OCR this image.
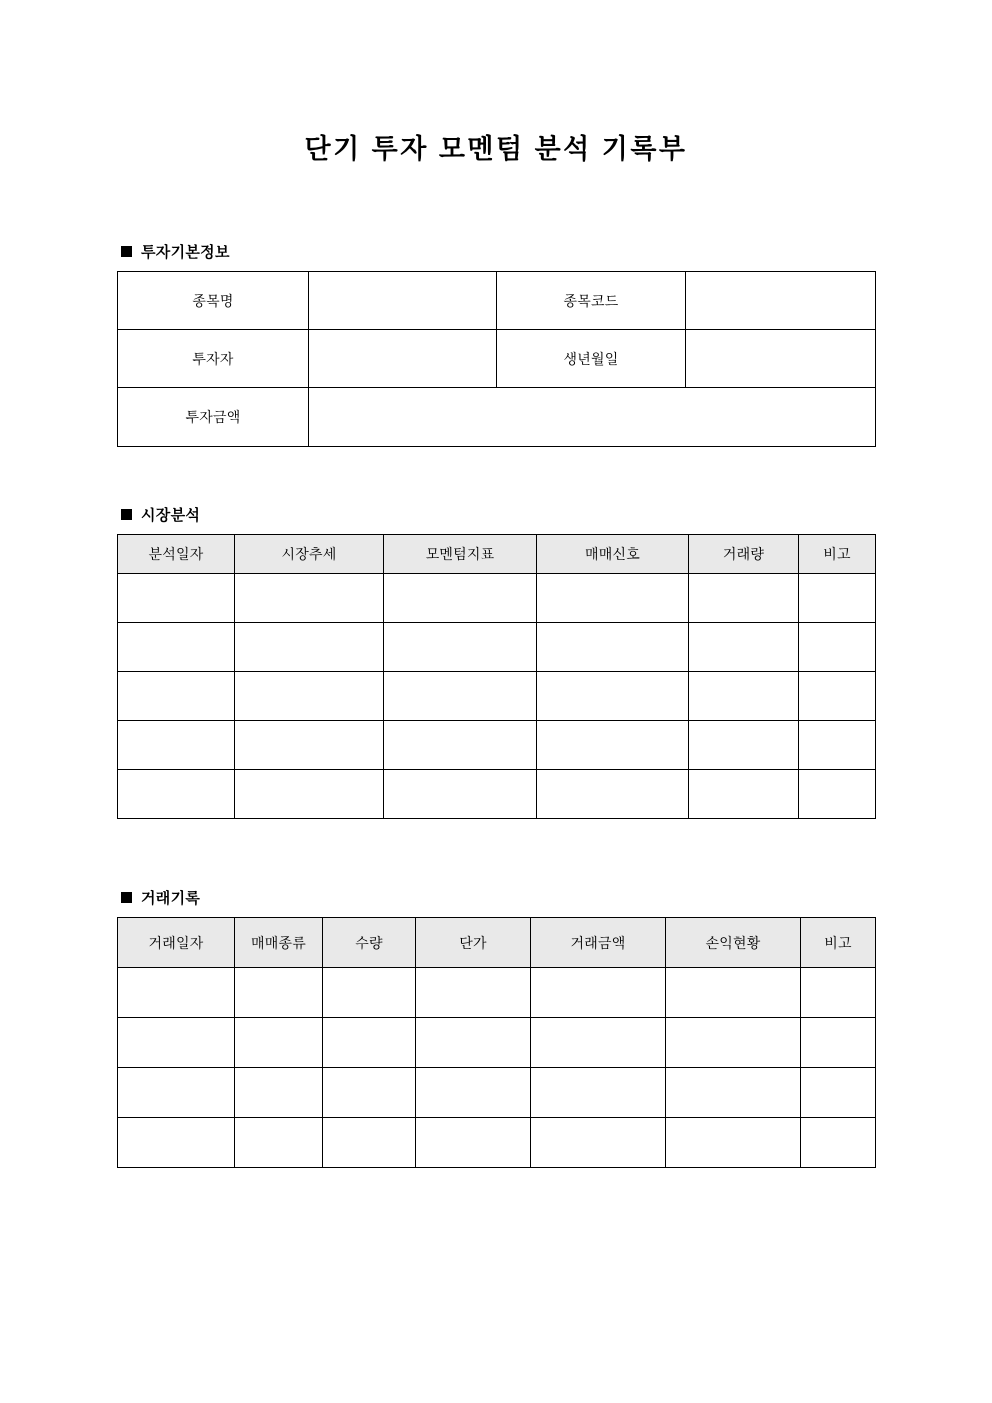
단기 투자 모멘텀 분석 기록부
투자기본정보
종목명		종목코드	
투자자		생년월일	
투자금액			
시장분석
분석일자	시장추세	모멘텀지표	매매신호	거래량	비고

거래기록
거래일자	매매종류	수량	단가	거래금액	손익현황	비고
